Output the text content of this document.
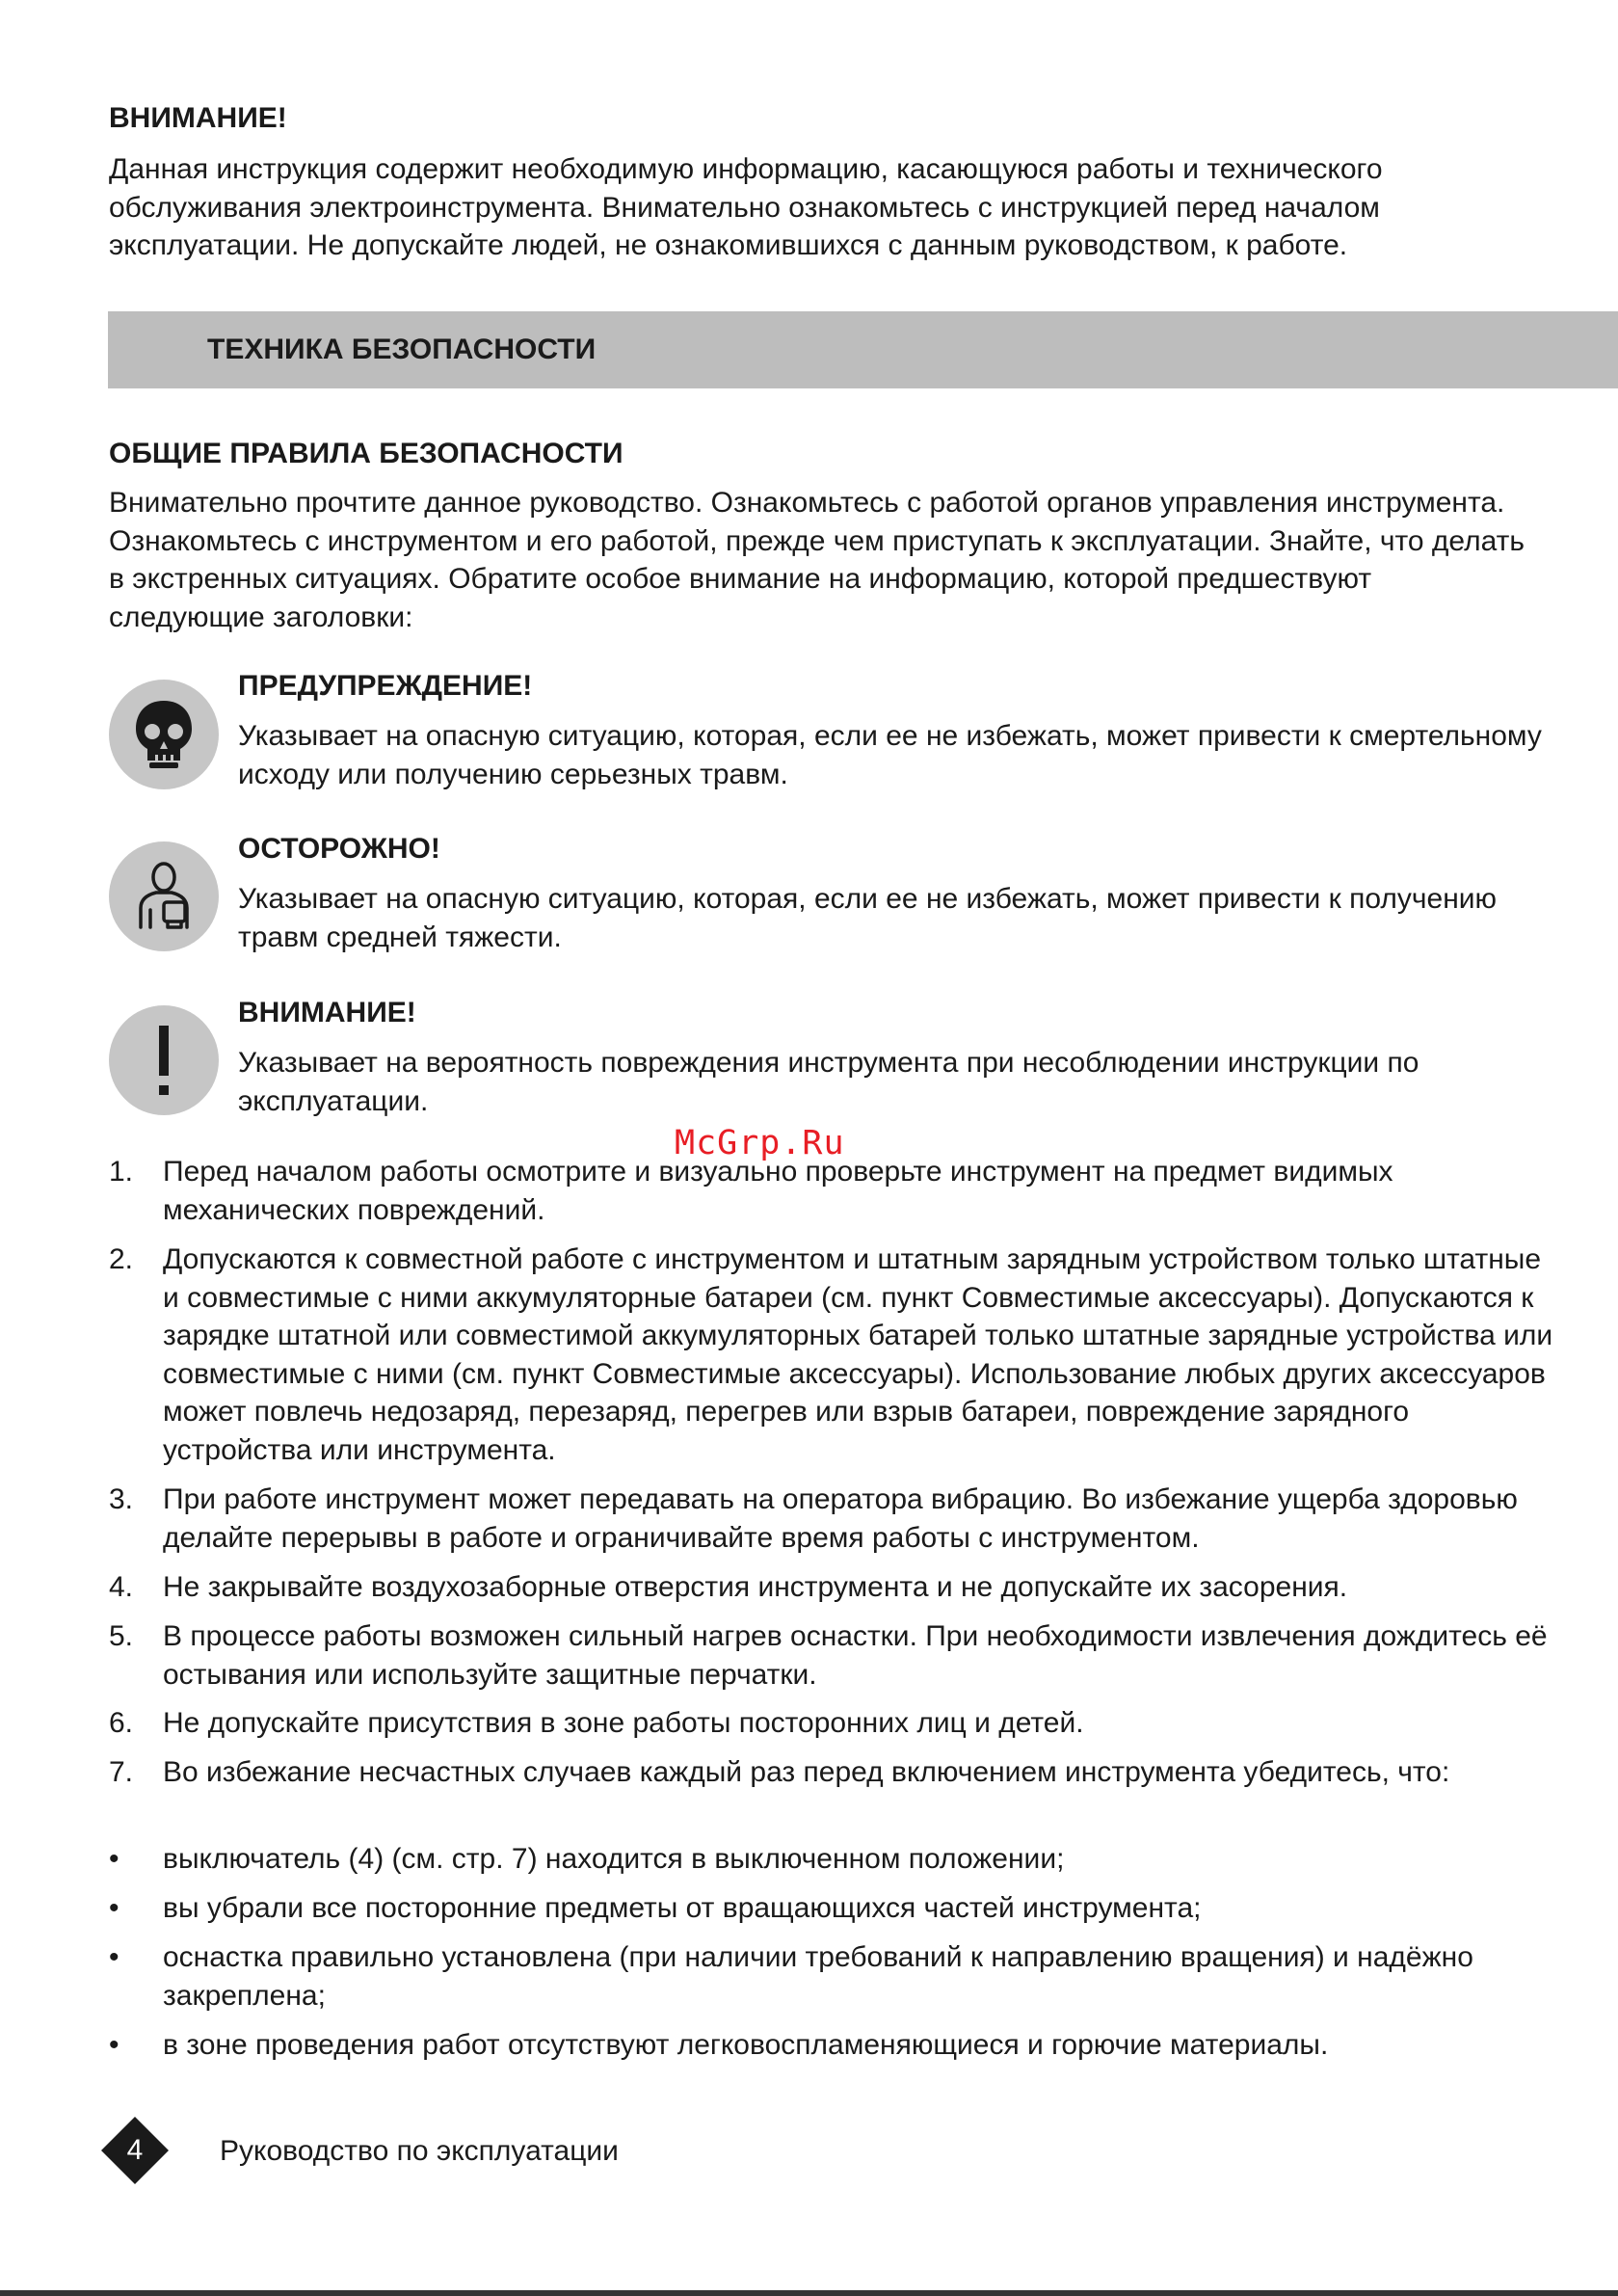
ВНИМАНИЕ!
Данная инструкция содержит необходимую информацию, касающуюся работы и технического обслуживания электроинструмента. Внимательно ознакомьтесь с инструкцией перед началом эксплуатации. Не допускайте людей, не ознакомившихся с данным руководством, к работе.
ТЕХНИКА БЕЗОПАСНОСТИ
ОБЩИЕ ПРАВИЛА БЕЗОПАСНОСТИ
Внимательно прочтите данное руководство. Ознакомьтесь с работой органов управления инструмента. Ознакомьтесь с инструментом и его работой, прежде чем приступать к эксплуатации. Знайте, что делать в экстренных ситуациях. Обратите особое внимание на информацию, которой предшествуют следующие заголовки:
ПРЕДУПРЕЖДЕНИЕ!
Указывает на опасную ситуацию, которая, если ее не избежать, может привести к смертельному исходу или получению серьезных травм.
ОСТОРОЖНО!
Указывает на опасную ситуацию, которая, если ее не избежать, может привести к получению травм средней тяжести.
ВНИМАНИЕ!
Указывает на вероятность повреждения инструмента при несоблюдении инструкции по эксплуатации.
McGrp.Ru
1.	Перед началом работы осмотрите и визуально проверьте инструмент на предмет видимых механических повреждений.
2.	Допускаются к совместной работе с инструментом и штатным зарядным устройством только штатные и совместимые с ними аккумуляторные батареи (см. пункт Совместимые аксессуары). Допускаются к зарядке штатной или совместимой аккумуляторных батарей только штатные зарядные устройства или совместимые с ними (см. пункт Совместимые аксессуары). Использование любых других аксессуаров может повлечь недозаряд, перезаряд, перегрев или взрыв батареи, повреждение зарядного устройства или инструмента.
3.	При работе инструмент может передавать на оператора вибрацию. Во избежание ущерба здоровью делайте перерывы в работе и ограничивайте время работы с инструментом.
4.	Не закрывайте воздухозаборные отверстия инструмента и не допускайте их засорения.
5.	В процессе работы возможен сильный нагрев оснастки. При необходимости извлечения дождитесь её остывания или используйте защитные перчатки.
6.	Не допускайте присутствия в зоне работы посторонних лиц и детей.
7.	Во избежание несчастных случаев каждый раз перед включением инструмента убедитесь, что:
•	выключатель (4) (см. стр. 7) находится в выключенном положении;
•	вы убрали все посторонние предметы от вращающихся частей инструмента;
•	оснастка правильно установлена (при наличии требований к направлению вращения) и надёжно закреплена;
•	в зоне проведения работ отсутствуют легковоспламеняющиеся и горючие материалы.
4	Руководство по эксплуатации
